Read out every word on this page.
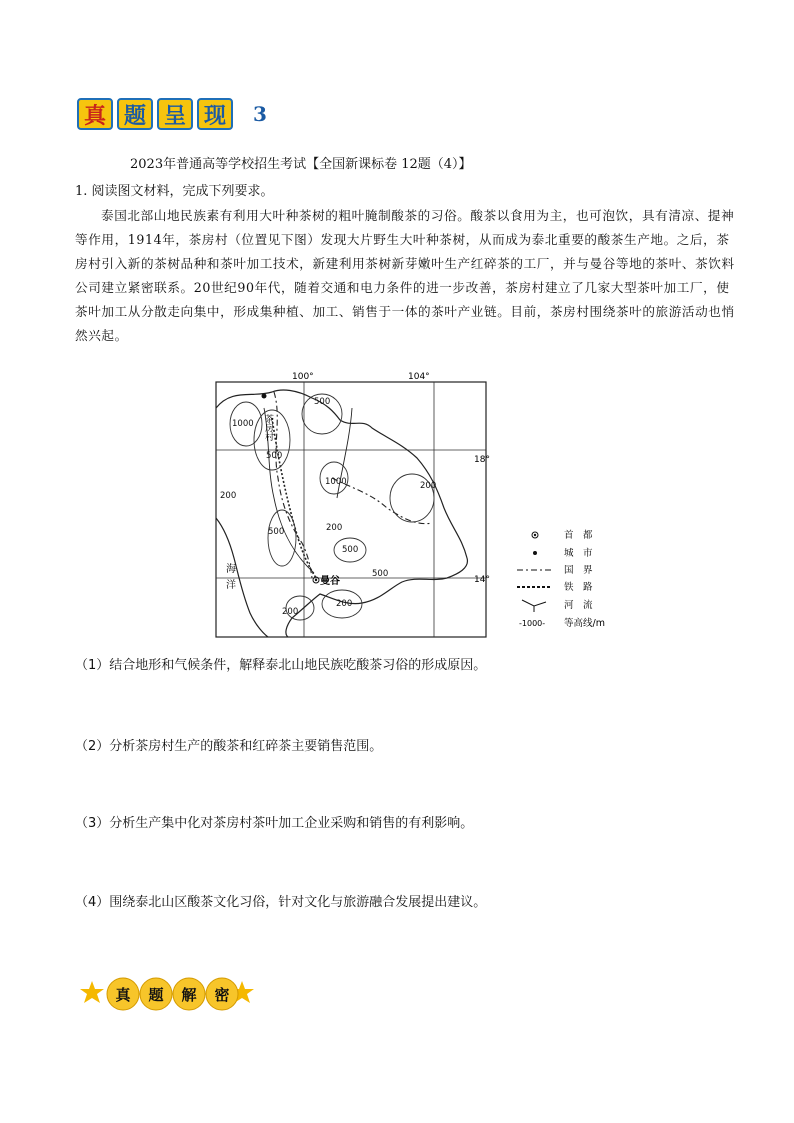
真 题 呈 现	3
2023年普通高等学校招生考试【全国新课标卷 12题（4）】
1. 阅读图文材料，完成下列要求。
泰国北部山地民族素有利用大叶种茶树的粗叶腌制酸茶的习俗。酸茶以食用为主，也可泡饮，具有清凉、提神等作用，1914年，茶房村（位置见下图）发现大片野生大叶种茶树，从而成为泰北重要的酸茶生产地。之后，茶房村引入新的茶树品种和茶叶加工技术，新建利用茶树新芽嫩叶生产红碎茶的工厂，并与曼谷等地的茶叶、茶饮料公司建立紧密联系。20世纪90年代，随着交通和电力条件的进一步改善，茶房村建立了几家大型茶叶加工厂，使茶叶加工从分散走向集中，形成集种植、加工、销售于一体的茶叶产业链。目前，茶房村围绕茶叶的旅游活动也悄然兴起。
100°	104°
18°
14°
1000
500
1000
500
200
500	200
500
200
200
500
200
茶房村
曼谷
海
洋
首　都
城　市
国　界
铁　路
河　流
-1000- 等高线/m
（1）结合地形和气候条件，解释泰北山地民族吃酸茶习俗的形成原因。
（2）分析茶房村生产的酸茶和红碎茶主要销售范围。
（3）分析生产集中化对茶房村茶叶加工企业采购和销售的有利影响。
（4）围绕泰北山区酸茶文化习俗，针对文化与旅游融合发展提出建议。
真 题 解 密
